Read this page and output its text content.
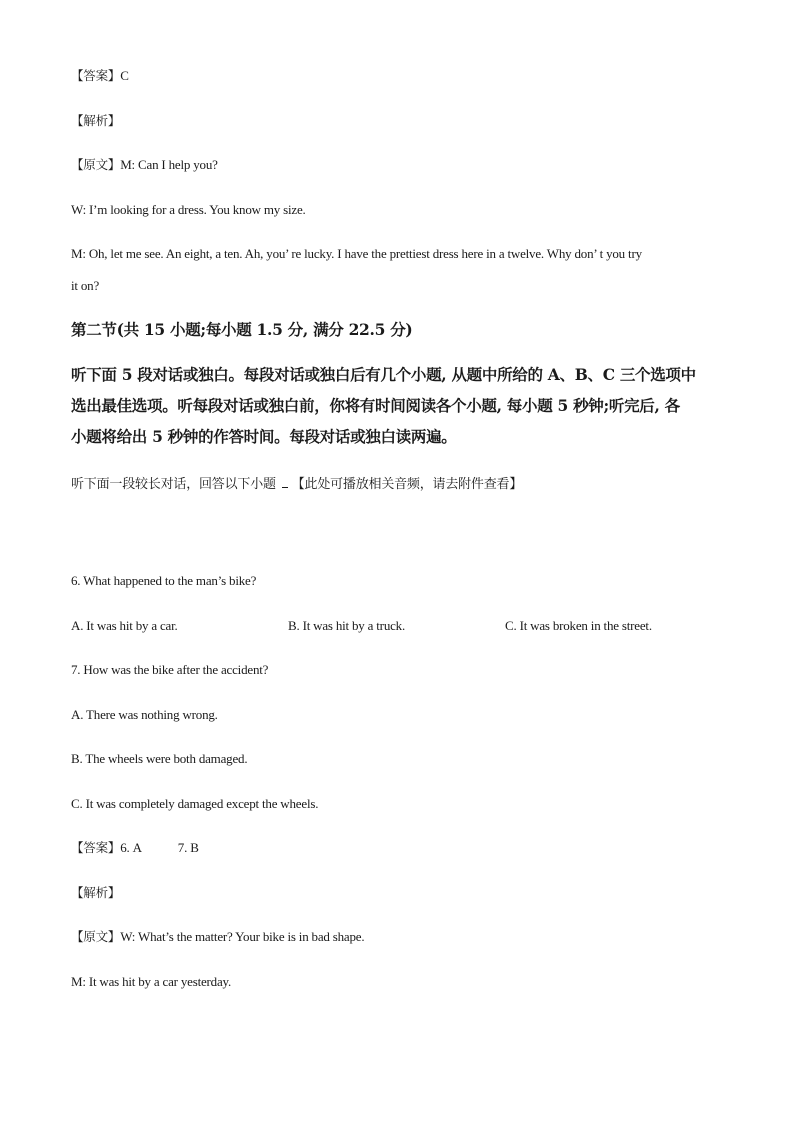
【答案】C
【解析】
【原文】M: Can I help you?
W: I’m looking for a dress. You know my size.
M: Oh, let me see. An eight, a ten. Ah, you’ re lucky. I have the prettiest dress here in a twelve. Why don’ t you try
it on?
第二节(共 15 小题;每小题 1.5 分, 满分 22.5 分)
听下面 5 段对话或独白。每段对话或独白后有几个小题, 从题中所给的 A、B、C 三个选项中
选出最佳选项。听每段对话或独白前，你将有时间阅读各个小题, 每小题 5 秒钟;听完后, 各
小题将给出 5 秒钟的作答时间。每段对话或独白读两遍。
听下面一段较长对话，回答以下小题 【此处可播放相关音频，请去附件查看】
6. What happened to the man’s bike?
A. It was hit by a car.	B. It was hit by a truck.	C. It was broken in the street.
7. How was the bike after the accident?
A. There was nothing wrong.
B. The wheels were both damaged.
C. It was completely damaged except the wheels.
【答案】6. A	7. B
【解析】
【原文】W: What’s the matter? Your bike is in bad shape.
M: It was hit by a car yesterday.
